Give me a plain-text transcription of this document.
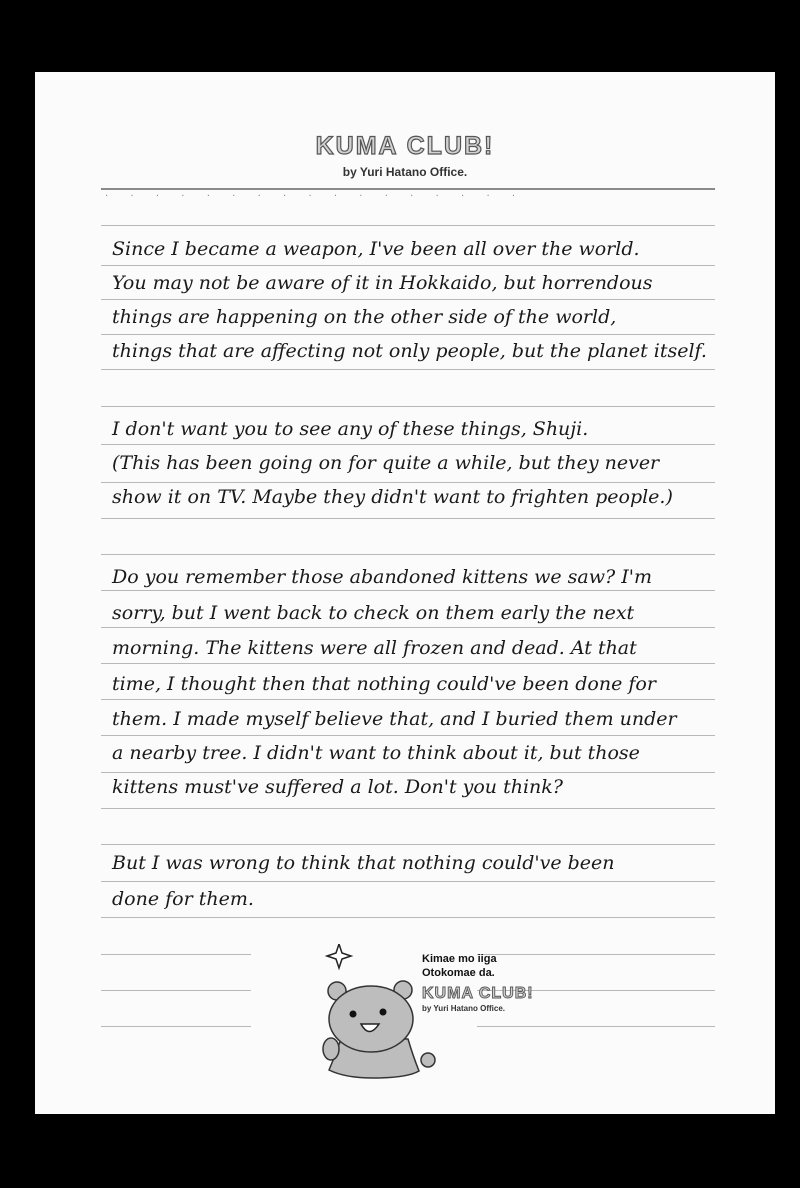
KUMA CLUB!
by Yuri Hatano Office.
·       ·       ·       ·       ·       ·       ·       ·       ·       ·       ·       ·       ·       ·       ·       ·       ·
Since I became a weapon, I've been all over the world.
You may not be aware of it in Hokkaido, but horrendous
things are happening on the other side of the world,
things that are affecting not only people, but the planet itself.
I don't want you to see any of these things, Shuji.
(This has been going on for quite a while, but they never
show it on TV. Maybe they didn't want to frighten people.)
Do you remember those abandoned kittens we saw? I'm
sorry, but I went back to check on them early the next
morning. The kittens were all frozen and dead. At that
time, I thought then that nothing could've been done for
them. I made myself believe that, and I buried them under
a nearby tree. I didn't want to think about it, but those
kittens must've suffered a lot. Don't you think?
But I was wrong to think that nothing could've been
done for them.
Kimae mo iiga
Otokomae da.
KUMA CLUB!
by Yuri Hatano Office.
